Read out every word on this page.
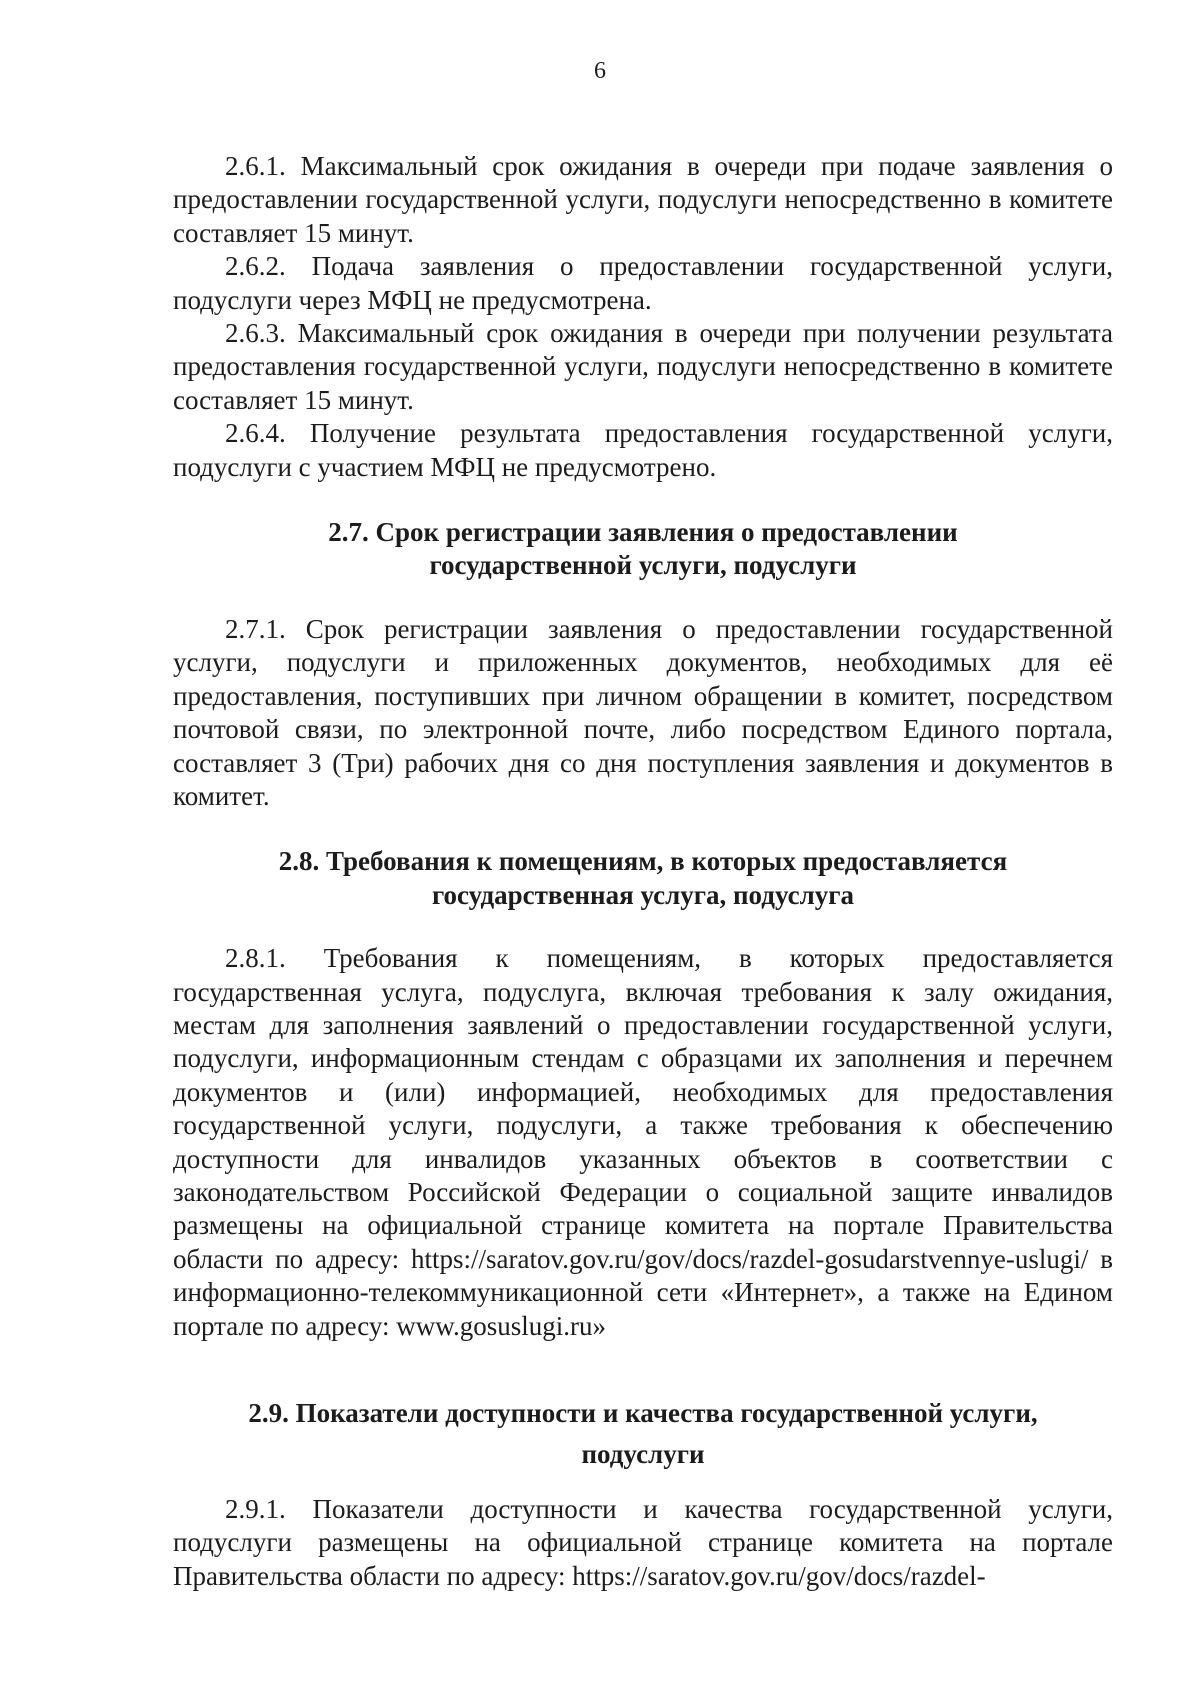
6

2.6.1. Максимальный срок ожидания в очереди при подаче заявления о предоставлении государственной услуги, подуслуги непосредственно в комитете составляет 15 минут.

2.6.2. Подача заявления о предоставлении государственной услуги, подуслуги через МФЦ не предусмотрена.

2.6.3. Максимальный срок ожидания в очереди при получении результата предоставления государственной услуги, подуслуги непосредственно в комитете составляет 15 минут.

2.6.4. Получение результата предоставления государственной услуги, подуслуги с участием МФЦ не предусмотрено.

2.7. Срок регистрации заявления о предоставлении
государственной услуги, подуслуги

2.7.1. Срок регистрации заявления о предоставлении государственной услуги, подуслуги и приложенных документов, необходимых для её предоставления, поступивших при личном обращении в комитет, посредством почтовой связи, по электронной почте, либо посредством Единого портала, составляет 3 (Три) рабочих дня со дня поступления заявления и документов в комитет.

2.8. Требования к помещениям, в которых предоставляется
государственная услуга, подуслуга

2.8.1. Требования к помещениям, в которых предоставляется государственная услуга, подуслуга, включая требования к залу ожидания, местам для заполнения заявлений о предоставлении государственной услуги, подуслуги, информационным стендам с образцами их заполнения и перечнем документов и (или) информацией, необходимых для предоставления государственной услуги, подуслуги, а также требования к обеспечению доступности для инвалидов указанных объектов в соответствии с законодательством Российской Федерации о социальной защите инвалидов размещены на официальной странице комитета на портале Правительства области по адресу: https://saratov.gov.ru/gov/docs/razdel-gosudarstvennye-uslugi/ в информационно-телекоммуникационной сети «Интернет», а также на Едином портале по адресу: www.gosuslugi.ru»

2.9. Показатели доступности и качества государственной услуги,
подуслуги

2.9.1. Показатели доступности и качества государственной услуги, подуслуги размещены на официальной странице комитета на портале Правительства области по адресу: https://saratov.gov.ru/gov/docs/razdel-
